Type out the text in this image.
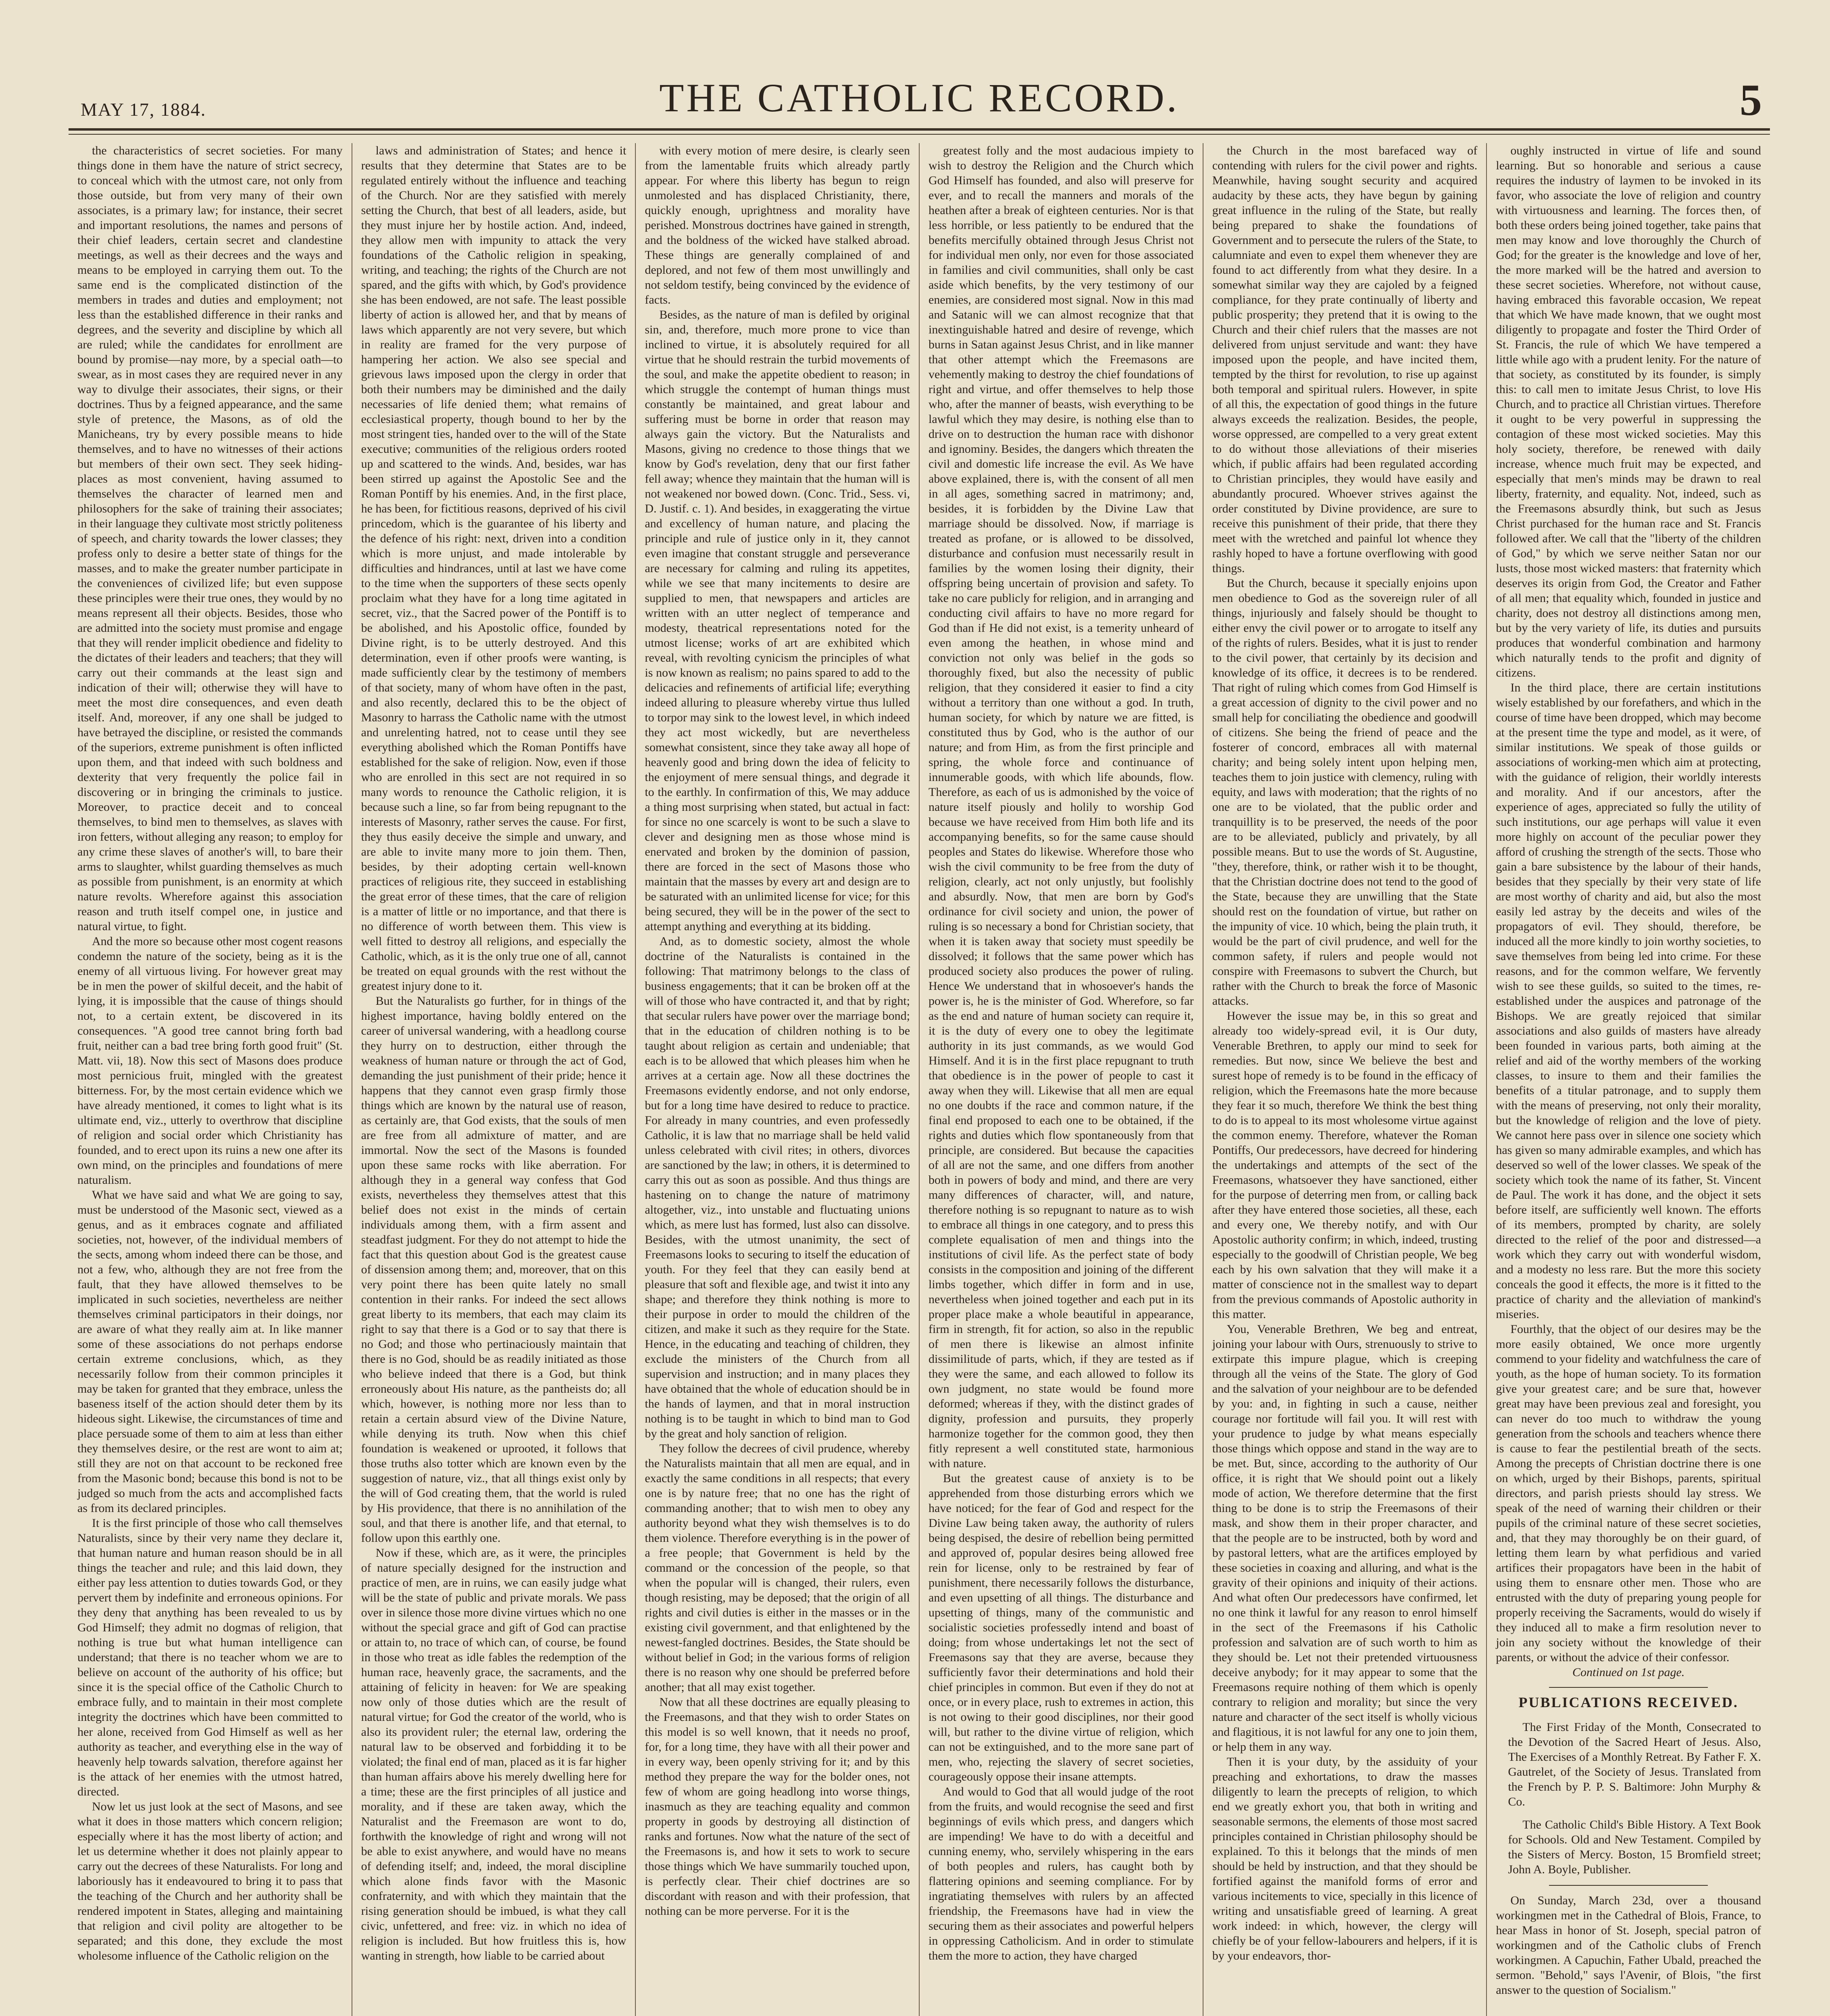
MAY 17, 1884.	THE CATHOLIC RECORD.	5

the characteristics of secret societies. For many things done in them have the nature of strict secrecy, to conceal which with the utmost care, not only from those outside, but from very many of their own associates, is a primary law; for instance, their secret and important resolutions, the names and persons of their chief leaders, certain secret and clandestine meetings, as well as their decrees and the ways and means to be employed in carrying them out. To the same end is the complicated distinction of the members in trades and duties and employment; not less than the established difference in their ranks and degrees, and the severity and discipline by which all are ruled; while the candidates for enrollment are bound by promise—nay more, by a special oath—to swear, as in most cases they are required never in any way to divulge their associates, their signs, or their doctrines. Thus by a feigned appearance, and the same style of pretence, the Masons, as of old the Manicheans, try by every possible means to hide themselves, and to have no witnesses of their actions but members of their own sect. They seek hiding-places as most convenient, having assumed to themselves the character of learned men and philosophers for the sake of training their associates; in their language they cultivate most strictly politeness of speech, and charity towards the lower classes; they profess only to desire a better state of things for the masses, and to make the greater number participate in the conveniences of civilized life; but even suppose these principles were their true ones, they would by no means represent all their objects. Besides, those who are admitted into the society must promise and engage that they will render implicit obedience and fidelity to the dictates of their leaders and teachers; that they will carry out their commands at the least sign and indication of their will; otherwise they will have to meet the most dire consequences, and even death itself. And, moreover, if any one shall be judged to have betrayed the discipline, or resisted the commands of the superiors, extreme punishment is often inflicted upon them, and that indeed with such boldness and dexterity that very frequently the police fail in discovering or in bringing the criminals to justice. Moreover, to practice deceit and to conceal themselves, to bind men to themselves, as slaves with iron fetters, without alleging any reason; to employ for any crime these slaves of another's will, to bare their arms to slaughter, whilst guarding themselves as much as possible from punishment, is an enormity at which nature revolts. Wherefore against this association reason and truth itself compel one, in justice and natural virtue, to fight.

And the more so because other most cogent reasons condemn the nature of the society, being as it is the enemy of all virtuous living. For however great may be in men the power of skilful deceit, and the habit of lying, it is impossible that the cause of things should not, to a certain extent, be discovered in its consequences. "A good tree cannot bring forth bad fruit, neither can a bad tree bring forth good fruit" (St. Matt. vii, 18). Now this sect of Masons does produce most pernicious fruit, mingled with the greatest bitterness. For, by the most certain evidence which we have already mentioned, it comes to light what is its ultimate end, viz., utterly to overthrow that discipline of religion and social order which Christianity has founded, and to erect upon its ruins a new one after its own mind, on the principles and foundations of mere naturalism.

What we have said and what We are going to say, must be understood of the Masonic sect, viewed as a genus, and as it embraces cognate and affiliated societies, not, however, of the individual members of the sects, among whom indeed there can be those, and not a few, who, although they are not free from the fault, that they have allowed themselves to be implicated in such societies, nevertheless are neither themselves criminal participators in their doings, nor are aware of what they really aim at. In like manner some of these associations do not perhaps endorse certain extreme conclusions, which, as they necessarily follow from their common principles it may be taken for granted that they embrace, unless the baseness itself of the action should deter them by its hideous sight. Likewise, the circumstances of time and place persuade some of them to aim at less than either they themselves desire, or the rest are wont to aim at; still they are not on that account to be reckoned free from the Masonic bond; because this bond is not to be judged so much from the acts and accomplished facts as from its declared principles.

It is the first principle of those who call themselves Naturalists, since by their very name they declare it, that human nature and human reason should be in all things the teacher and rule; and this laid down, they either pay less attention to duties towards God, or they pervert them by indefinite and erroneous opinions. For they deny that anything has been revealed to us by God Himself; they admit no dogmas of religion, that nothing is true but what human intelligence can understand; that there is no teacher whom we are to believe on account of the authority of his office; but since it is the special office of the Catholic Church to embrace fully, and to maintain in their most complete integrity the doctrines which have been committed to her alone, received from God Himself as well as her authority as teacher, and everything else in the way of heavenly help towards salvation, therefore against her is the attack of her enemies with the utmost hatred, directed.

Now let us just look at the sect of Masons, and see what it does in those matters which concern religion; especially where it has the most liberty of action; and let us determine whether it does not plainly appear to carry out the decrees of these Naturalists. For long and laboriously has it endeavoured to bring it to pass that the teaching of the Church and her authority shall be rendered impotent in States, alleging and maintaining that religion and civil polity are altogether to be separated; and this done, they exclude the most wholesome influence of the Catholic religion on the

laws and administration of States; and hence it results that they determine that States are to be regulated entirely without the influence and teaching of the Church. Nor are they satisfied with merely setting the Church, that best of all leaders, aside, but they must injure her by hostile action. And, indeed, they allow men with impunity to attack the very foundations of the Catholic religion in speaking, writing, and teaching; the rights of the Church are not spared, and the gifts with which, by God's providence she has been endowed, are not safe. The least possible liberty of action is allowed her, and that by means of laws which apparently are not very severe, but which in reality are framed for the very purpose of hampering her action. We also see special and grievous laws imposed upon the clergy in order that both their numbers may be diminished and the daily necessaries of life denied them; what remains of ecclesiastical property, though bound to her by the most stringent ties, handed over to the will of the State executive; communities of the religious orders rooted up and scattered to the winds. And, besides, war has been stirred up against the Apostolic See and the Roman Pontiff by his enemies. And, in the first place, he has been, for fictitious reasons, deprived of his civil princedom, which is the guarantee of his liberty and the defence of his right: next, driven into a condition which is more unjust, and made intolerable by difficulties and hindrances, until at last we have come to the time when the supporters of these sects openly proclaim what they have for a long time agitated in secret, viz., that the Sacred power of the Pontiff is to be abolished, and his Apostolic office, founded by Divine right, is to be utterly destroyed. And this determination, even if other proofs were wanting, is made sufficiently clear by the testimony of members of that society, many of whom have often in the past, and also recently, declared this to be the object of Masonry to harrass the Catholic name with the utmost and unrelenting hatred, not to cease until they see everything abolished which the Roman Pontiffs have established for the sake of religion. Now, even if those who are enrolled in this sect are not required in so many words to renounce the Catholic religion, it is because such a line, so far from being repugnant to the interests of Masonry, rather serves the cause. For first, they thus easily deceive the simple and unwary, and are able to invite many more to join them. Then, besides, by their adopting certain well-known practices of religious rite, they succeed in establishing the great error of these times, that the care of religion is a matter of little or no importance, and that there is no difference of worth between them. This view is well fitted to destroy all religions, and especially the Catholic, which, as it is the only true one of all, cannot be treated on equal grounds with the rest without the greatest injury done to it.

But the Naturalists go further, for in things of the highest importance, having boldly entered on the career of universal wandering, with a headlong course they hurry on to destruction, either through the weakness of human nature or through the act of God, demanding the just punishment of their pride; hence it happens that they cannot even grasp firmly those things which are known by the natural use of reason, as certainly are, that God exists, that the souls of men are free from all admixture of matter, and are immortal. Now the sect of the Masons is founded upon these same rocks with like aberration. For although they in a general way confess that God exists, nevertheless they themselves attest that this belief does not exist in the minds of certain individuals among them, with a firm assent and steadfast judgment. For they do not attempt to hide the fact that this question about God is the greatest cause of dissension among them; and, moreover, that on this very point there has been quite lately no small contention in their ranks. For indeed the sect allows great liberty to its members, that each may claim its right to say that there is a God or to say that there is no God; and those who pertinaciously maintain that there is no God, should be as readily initiated as those who believe indeed that there is a God, but think erroneously about His nature, as the pantheists do; all which, however, is nothing more nor less than to retain a certain absurd view of the Divine Nature, while denying its truth. Now when this chief foundation is weakened or uprooted, it follows that those truths also totter which are known even by the suggestion of nature, viz., that all things exist only by the will of God creating them, that the world is ruled by His providence, that there is no annihilation of the soul, and that there is another life, and that eternal, to follow upon this earthly one.

Now if these, which are, as it were, the principles of nature specially designed for the instruction and practice of men, are in ruins, we can easily judge what will be the state of public and private morals. We pass over in silence those more divine virtues which no one without the special grace and gift of God can practise or attain to, no trace of which can, of course, be found in those who treat as idle fables the redemption of the human race, heavenly grace, the sacraments, and the attaining of felicity in heaven: for We are speaking now only of those duties which are the result of natural virtue; for God the creator of the world, who is also its provident ruler; the eternal law, ordering the natural law to be observed and forbidding it to be violated; the final end of man, placed as it is far higher than human affairs above his merely dwelling here for a time; these are the first principles of all justice and morality, and if these are taken away, which the Naturalist and the Freemason are wont to do, forthwith the knowledge of right and wrong will not be able to exist anywhere, and would have no means of defending itself; and, indeed, the moral discipline which alone finds favor with the Masonic confraternity, and with which they maintain that the rising generation should be imbued, is what they call civic, unfettered, and free: viz. in which no idea of religion is included. But how fruitless this is, how wanting in strength, how liable to be carried about

with every motion of mere desire, is clearly seen from the lamentable fruits which already partly appear. For where this liberty has begun to reign unmolested and has displaced Christianity, there, quickly enough, uprightness and morality have perished. Monstrous doctrines have gained in strength, and the boldness of the wicked have stalked abroad. These things are generally complained of and deplored, and not few of them most unwillingly and not seldom testify, being convinced by the evidence of facts.

Besides, as the nature of man is defiled by original sin, and, therefore, much more prone to vice than inclined to virtue, it is absolutely required for all virtue that he should restrain the turbid movements of the soul, and make the appetite obedient to reason; in which struggle the contempt of human things must constantly be maintained, and great labour and suffering must be borne in order that reason may always gain the victory. But the Naturalists and Masons, giving no credence to those things that we know by God's revelation, deny that our first father fell away; whence they maintain that the human will is not weakened nor bowed down. (Conc. Trid., Sess. vi, D. Justif. c. 1). And besides, in exaggerating the virtue and excellency of human nature, and placing the principle and rule of justice only in it, they cannot even imagine that constant struggle and perseverance are necessary for calming and ruling its appetites, while we see that many incitements to desire are supplied to men, that newspapers and articles are written with an utter neglect of temperance and modesty, theatrical representations noted for the utmost license; works of art are exhibited which reveal, with revolting cynicism the principles of what is now known as realism; no pains spared to add to the delicacies and refinements of artificial life; everything indeed alluring to pleasure whereby virtue thus lulled to torpor may sink to the lowest level, in which indeed they act most wickedly, but are nevertheless somewhat consistent, since they take away all hope of heavenly good and bring down the idea of felicity to the enjoyment of mere sensual things, and degrade it to the earthly. In confirmation of this, We may adduce a thing most surprising when stated, but actual in fact: for since no one scarcely is wont to be such a slave to clever and designing men as those whose mind is enervated and broken by the dominion of passion, there are forced in the sect of Masons those who maintain that the masses by every art and design are to be saturated with an unlimited license for vice; for this being secured, they will be in the power of the sect to attempt anything and everything at its bidding.

And, as to domestic society, almost the whole doctrine of the Naturalists is contained in the following: That matrimony belongs to the class of business engagements; that it can be broken off at the will of those who have contracted it, and that by right; that secular rulers have power over the marriage bond; that in the education of children nothing is to be taught about religion as certain and undeniable; that each is to be allowed that which pleases him when he arrives at a certain age. Now all these doctrines the Freemasons evidently endorse, and not only endorse, but for a long time have desired to reduce to practice. For already in many countries, and even professedly Catholic, it is law that no marriage shall be held valid unless celebrated with civil rites; in others, divorces are sanctioned by the law; in others, it is determined to carry this out as soon as possible. And thus things are hastening on to change the nature of matrimony altogether, viz., into unstable and fluctuating unions which, as mere lust has formed, lust also can dissolve. Besides, with the utmost unanimity, the sect of Freemasons looks to securing to itself the education of youth. For they feel that they can easily bend at pleasure that soft and flexible age, and twist it into any shape; and therefore they think nothing is more to their purpose in order to mould the children of the citizen, and make it such as they require for the State. Hence, in the educating and teaching of children, they exclude the ministers of the Church from all supervision and instruction; and in many places they have obtained that the whole of education should be in the hands of laymen, and that in moral instruction nothing is to be taught in which to bind man to God by the great and holy sanction of religion.

They follow the decrees of civil prudence, whereby the Naturalists maintain that all men are equal, and in exactly the same conditions in all respects; that every one is by nature free; that no one has the right of commanding another; that to wish men to obey any authority beyond what they wish themselves is to do them violence. Therefore everything is in the power of a free people; that Government is held by the command or the concession of the people, so that when the popular will is changed, their rulers, even though resisting, may be deposed; that the origin of all rights and civil duties is either in the masses or in the existing civil government, and that enlightened by the newest-fangled doctrines. Besides, the State should be without belief in God; in the various forms of religion there is no reason why one should be preferred before another; that all may exist together.

Now that all these doctrines are equally pleasing to the Freemasons, and that they wish to order States on this model is so well known, that it needs no proof, for, for a long time, they have with all their power and in every way, been openly striving for it; and by this method they prepare the way for the bolder ones, not few of whom are going headlong into worse things, inasmuch as they are teaching equality and common property in goods by destroying all distinction of ranks and fortunes. Now what the nature of the sect of the Freemasons is, and how it sets to work to secure those things which We have summarily touched upon, is perfectly clear. Their chief doctrines are so discordant with reason and with their profession, that nothing can be more perverse. For it is the

greatest folly and the most audacious impiety to wish to destroy the Religion and the Church which God Himself has founded, and also will preserve for ever, and to recall the manners and morals of the heathen after a break of eighteen centuries. Nor is that less horrible, or less patiently to be endured that the benefits mercifully obtained through Jesus Christ not for individual men only, nor even for those associated in families and civil communities, shall only be cast aside which benefits, by the very testimony of our enemies, are considered most signal. Now in this mad and Satanic will we can almost recognize that that inextinguishable hatred and desire of revenge, which burns in Satan against Jesus Christ, and in like manner that other attempt which the Freemasons are vehemently making to destroy the chief foundations of right and virtue, and offer themselves to help those who, after the manner of beasts, wish everything to be lawful which they may desire, is nothing else than to drive on to destruction the human race with dishonor and ignominy. Besides, the dangers which threaten the civil and domestic life increase the evil. As We have above explained, there is, with the consent of all men in all ages, something sacred in matrimony; and, besides, it is forbidden by the Divine Law that marriage should be dissolved. Now, if marriage is treated as profane, or is allowed to be dissolved, disturbance and confusion must necessarily result in families by the women losing their dignity, their offspring being uncertain of provision and safety. To take no care publicly for religion, and in arranging and conducting civil affairs to have no more regard for God than if He did not exist, is a temerity unheard of even among the heathen, in whose mind and conviction not only was belief in the gods so thoroughly fixed, but also the necessity of public religion, that they considered it easier to find a city without a territory than one without a god. In truth, human society, for which by nature we are fitted, is constituted thus by God, who is the author of our nature; and from Him, as from the first principle and spring, the whole force and continuance of innumerable goods, with which life abounds, flow. Therefore, as each of us is admonished by the voice of nature itself piously and holily to worship God because we have received from Him both life and its accompanying benefits, so for the same cause should peoples and States do likewise. Wherefore those who wish the civil community to be free from the duty of religion, clearly, act not only unjustly, but foolishly and absurdly. Now, that men are born by God's ordinance for civil society and union, the power of ruling is so necessary a bond for Christian society, that when it is taken away that society must speedily be dissolved; it follows that the same power which has produced society also produces the power of ruling. Hence We understand that in whosoever's hands the power is, he is the minister of God. Wherefore, so far as the end and nature of human society can require it, it is the duty of every one to obey the legitimate authority in its just commands, as we would God Himself. And it is in the first place repugnant to truth that obedience is in the power of people to cast it away when they will. Likewise that all men are equal no one doubts if the race and common nature, if the final end proposed to each one to be obtained, if the rights and duties which flow spontaneously from that principle, are considered. But because the capacities of all are not the same, and one differs from another both in powers of body and mind, and there are very many differences of character, will, and nature, therefore nothing is so repugnant to nature as to wish to embrace all things in one category, and to press this complete equalisation of men and things into the institutions of civil life. As the perfect state of body consists in the composition and joining of the different limbs together, which differ in form and in use, nevertheless when joined together and each put in its proper place make a whole beautiful in appearance, firm in strength, fit for action, so also in the republic of men there is likewise an almost infinite dissimilitude of parts, which, if they are tested as if they were the same, and each allowed to follow its own judgment, no state would be found more deformed; whereas if they, with the distinct grades of dignity, profession and pursuits, they properly harmonize together for the common good, they then fitly represent a well constituted state, harmonious with nature.

But the greatest cause of anxiety is to be apprehended from those disturbing errors which we have noticed; for the fear of God and respect for the Divine Law being taken away, the authority of rulers being despised, the desire of rebellion being permitted and approved of, popular desires being allowed free rein for license, only to be restrained by fear of punishment, there necessarily follows the disturbance, and even upsetting of all things. The disturbance and upsetting of things, many of the communistic and socialistic societies professedly intend and boast of doing; from whose undertakings let not the sect of Freemasons say that they are averse, because they sufficiently favor their determinations and hold their chief principles in common. But even if they do not at once, or in every place, rush to extremes in action, this is not owing to their good disciplines, nor their good will, but rather to the divine virtue of religion, which can not be extinguished, and to the more sane part of men, who, rejecting the slavery of secret societies, courageously oppose their insane attempts.

And would to God that all would judge of the root from the fruits, and would recognise the seed and first beginnings of evils which press, and dangers which are impending! We have to do with a deceitful and cunning enemy, who, servilely whispering in the ears of both peoples and rulers, has caught both by flattering opinions and seeming compliance. For by ingratiating themselves with rulers by an affected friendship, the Freemasons have had in view the securing them as their associates and powerful helpers in oppressing Catholicism. And in order to stimulate them the more to action, they have charged

the Church in the most barefaced way of contending with rulers for the civil power and rights. Meanwhile, having sought security and acquired audacity by these acts, they have begun by gaining great influence in the ruling of the State, but really being prepared to shake the foundations of Government and to persecute the rulers of the State, to calumniate and even to expel them whenever they are found to act differently from what they desire. In a somewhat similar way they are cajoled by a feigned compliance, for they prate continually of liberty and public prosperity; they pretend that it is owing to the Church and their chief rulers that the masses are not delivered from unjust servitude and want: they have imposed upon the people, and have incited them, tempted by the thirst for revolution, to rise up against both temporal and spiritual rulers. However, in spite of all this, the expectation of good things in the future always exceeds the realization. Besides, the people, worse oppressed, are compelled to a very great extent to do without those alleviations of their miseries which, if public affairs had been regulated according to Christian principles, they would have easily and abundantly procured. Whoever strives against the order constituted by Divine providence, are sure to receive this punishment of their pride, that there they meet with the wretched and painful lot whence they rashly hoped to have a fortune overflowing with good things.

But the Church, because it specially enjoins upon men obedience to God as the sovereign ruler of all things, injuriously and falsely should be thought to either envy the civil power or to arrogate to itself any of the rights of rulers. Besides, what it is just to render to the civil power, that certainly by its decision and knowledge of its office, it decrees is to be rendered. That right of ruling which comes from God Himself is a great accession of dignity to the civil power and no small help for conciliating the obedience and goodwill of citizens. She being the friend of peace and the fosterer of concord, embraces all with maternal charity; and being solely intent upon helping men, teaches them to join justice with clemency, ruling with equity, and laws with moderation; that the rights of no one are to be violated, that the public order and tranquillity is to be preserved, the needs of the poor are to be alleviated, publicly and privately, by all possible means. But to use the words of St. Augustine, "they, therefore, think, or rather wish it to be thought, that the Christian doctrine does not tend to the good of the State, because they are unwilling that the State should rest on the foundation of virtue, but rather on the impunity of vice. 10 which, being the plain truth, it would be the part of civil prudence, and well for the common safety, if rulers and people would not conspire with Freemasons to subvert the Church, but rather with the Church to break the force of Masonic attacks.

However the issue may be, in this so great and already too widely-spread evil, it is Our duty, Venerable Brethren, to apply our mind to seek for remedies. But now, since We believe the best and surest hope of remedy is to be found in the efficacy of religion, which the Freemasons hate the more because they fear it so much, therefore We think the best thing to do is to appeal to its most wholesome virtue against the common enemy. Therefore, whatever the Roman Pontiffs, Our predecessors, have decreed for hindering the undertakings and attempts of the sect of the Freemasons, whatsoever they have sanctioned, either for the purpose of deterring men from, or calling back after they have entered those societies, all these, each and every one, We thereby notify, and with Our Apostolic authority confirm; in which, indeed, trusting especially to the goodwill of Christian people, We beg each by his own salvation that they will make it a matter of conscience not in the smallest way to depart from the previous commands of Apostolic authority in this matter.

You, Venerable Brethren, We beg and entreat, joining your labour with Ours, strenuously to strive to extirpate this impure plague, which is creeping through all the veins of the State. The glory of God and the salvation of your neighbour are to be defended by you: and, in fighting in such a cause, neither courage nor fortitude will fail you. It will rest with your prudence to judge by what means especially those things which oppose and stand in the way are to be met. But, since, according to the authority of Our office, it is right that We should point out a likely mode of action, We therefore determine that the first thing to be done is to strip the Freemasons of their mask, and show them in their proper character, and that the people are to be instructed, both by word and by pastoral letters, what are the artifices employed by these societies in coaxing and alluring, and what is the gravity of their opinions and iniquity of their actions. And what often Our predecessors have confirmed, let no one think it lawful for any reason to enrol himself in the sect of the Freemasons if his Catholic profession and salvation are of such worth to him as they should be. Let not their pretended virtuousness deceive anybody; for it may appear to some that the Freemasons require nothing of them which is openly contrary to religion and morality; but since the very nature and character of the sect itself is wholly vicious and flagitious, it is not lawful for any one to join them, or help them in any way.

Then it is your duty, by the assiduity of your preaching and exhortations, to draw the masses diligently to learn the precepts of religion, to which end we greatly exhort you, that both in writing and seasonable sermons, the elements of those most sacred principles contained in Christian philosophy should be explained. To this it belongs that the minds of men should be held by instruction, and that they should be fortified against the manifold forms of error and various incitements to vice, specially in this licence of writing and unsatisfiable greed of learning. A great work indeed: in which, however, the clergy will chiefly be of your fellow-labourers and helpers, if it is by your endeavors, thor-

oughly instructed in virtue of life and sound learning. But so honorable and serious a cause requires the industry of laymen to be invoked in its favor, who associate the love of religion and country with virtuousness and learning. The forces then, of both these orders being joined together, take pains that men may know and love thoroughly the Church of God; for the greater is the knowledge and love of her, the more marked will be the hatred and aversion to these secret societies. Wherefore, not without cause, having embraced this favorable occasion, We repeat that which We have made known, that we ought most diligently to propagate and foster the Third Order of St. Francis, the rule of which We have tempered a little while ago with a prudent lenity. For the nature of that society, as constituted by its founder, is simply this: to call men to imitate Jesus Christ, to love His Church, and to practice all Christian virtues. Therefore it ought to be very powerful in suppressing the contagion of these most wicked societies. May this holy society, therefore, be renewed with daily increase, whence much fruit may be expected, and especially that men's minds may be drawn to real liberty, fraternity, and equality. Not, indeed, such as the Freemasons absurdly think, but such as Jesus Christ purchased for the human race and St. Francis followed after. We call that the "liberty of the children of God," by which we serve neither Satan nor our lusts, those most wicked masters: that fraternity which deserves its origin from God, the Creator and Father of all men; that equality which, founded in justice and charity, does not destroy all distinctions among men, but by the very variety of life, its duties and pursuits produces that wonderful combination and harmony which naturally tends to the profit and dignity of citizens.

In the third place, there are certain institutions wisely established by our forefathers, and which in the course of time have been dropped, which may become at the present time the type and model, as it were, of similar institutions. We speak of those guilds or associations of working-men which aim at protecting, with the guidance of religion, their worldly interests and morality. And if our ancestors, after the experience of ages, appreciated so fully the utility of such institutions, our age perhaps will value it even more highly on account of the peculiar power they afford of crushing the strength of the sects. Those who gain a bare subsistence by the labour of their hands, besides that they specially by their very state of life are most worthy of charity and aid, but also the most easily led astray by the deceits and wiles of the propagators of evil. They should, therefore, be induced all the more kindly to join worthy societies, to save themselves from being led into crime. For these reasons, and for the common welfare, We fervently wish to see these guilds, so suited to the times, re-established under the auspices and patronage of the Bishops. We are greatly rejoiced that similar associations and also guilds of masters have already been founded in various parts, both aiming at the relief and aid of the worthy members of the working classes, to insure to them and their families the benefits of a titular patronage, and to supply them with the means of preserving, not only their morality, but the knowledge of religion and the love of piety. We cannot here pass over in silence one society which has given so many admirable examples, and which has deserved so well of the lower classes. We speak of the society which took the name of its father, St. Vincent de Paul. The work it has done, and the object it sets before itself, are sufficiently well known. The efforts of its members, prompted by charity, are solely directed to the relief of the poor and distressed—a work which they carry out with wonderful wisdom, and a modesty no less rare. But the more this society conceals the good it effects, the more is it fitted to the practice of charity and the alleviation of mankind's miseries.

Fourthly, that the object of our desires may be the more easily obtained, We once more urgently commend to your fidelity and watchfulness the care of youth, as the hope of human society. To its formation give your greatest care; and be sure that, however great may have been previous zeal and foresight, you can never do too much to withdraw the young generation from the schools and teachers whence there is cause to fear the pestilential breath of the sects. Among the precepts of Christian doctrine there is one on which, urged by their Bishops, parents, spiritual directors, and parish priests should lay stress. We speak of the need of warning their children or their pupils of the criminal nature of these secret societies, and, that they may thoroughly be on their guard, of letting them learn by what perfidious and varied artifices their propagators have been in the habit of using them to ensnare other men. Those who are entrusted with the duty of preparing young people for properly receiving the Sacraments, would do wisely if they induced all to make a firm resolution never to join any society without the knowledge of their parents, or without the advice of their confessor.

Continued on 1st page.

PUBLICATIONS RECEIVED.

The First Friday of the Month, Consecrated to the Devotion of the Sacred Heart of Jesus. Also, The Exercises of a Monthly Retreat. By Father F. X. Gautrelet, of the Society of Jesus. Translated from the French by P. P. S. Baltimore: John Murphy & Co.

The Catholic Child's Bible History. A Text Book for Schools. Old and New Testament. Compiled by the Sisters of Mercy. Boston, 15 Bromfield street; John A. Boyle, Publisher.

On Sunday, March 23d, over a thousand workingmen met in the Cathedral of Blois, France, to hear Mass in honor of St. Joseph, special patron of workingmen and of the Catholic clubs of French workingmen. A Capuchin, Father Ubald, preached the sermon. "Behold," says l'Avenir, of Blois, "the first answer to the question of Socialism."
